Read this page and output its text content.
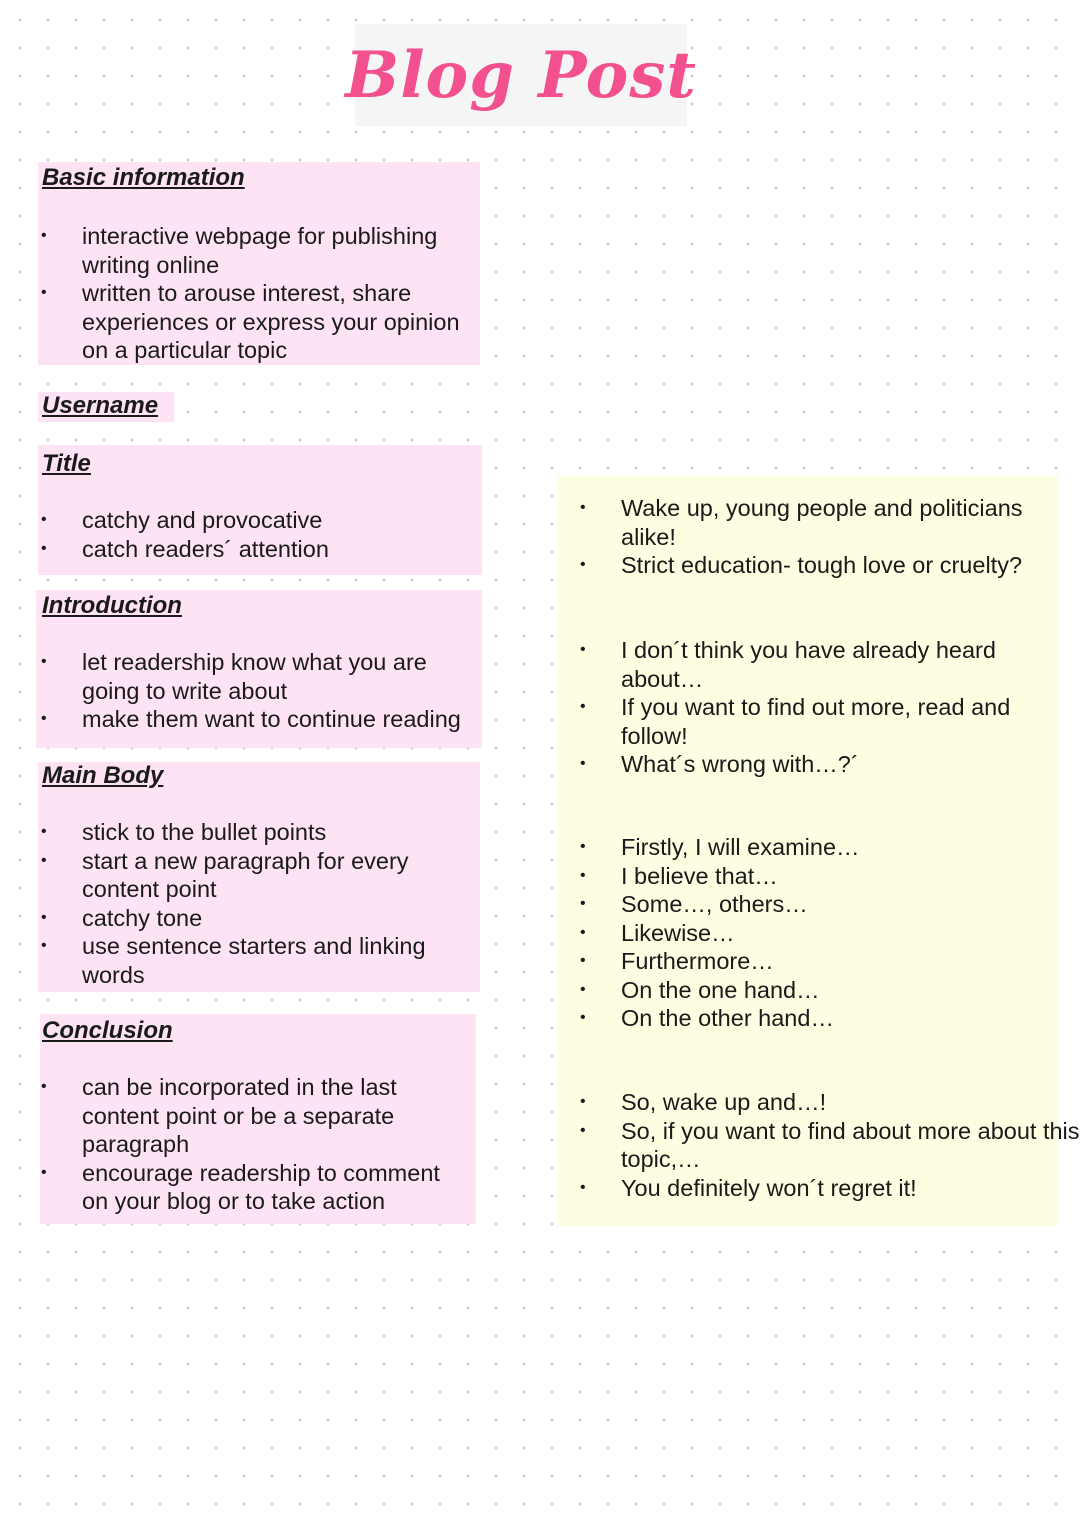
Blog Post
Basic information
• interactive webpage for publishing writing online
• written to arouse interest, share experiences or express your opinion on a particular topic
Username
Title
• catchy and provocative
• catch readers´ attention
Introduction
• let readership know what you are going to write about
• make them want to continue reading
Main Body
• stick to the bullet points
• start a new paragraph for every content point
• catchy tone
• use sentence starters and linking words
Conclusion
• can be incorporated in the last content point or be a separate paragraph
• encourage readership to comment on your blog or to take action
• Wake up, young people and politicians alike!
• Strict education- tough love or cruelty?
• I don´t think you have already heard about…
• If you want to find out more, read and follow!
• What´s wrong with…?´
• Firstly, I will examine…
• I believe that…
• Some…, others…
• Likewise…
• Furthermore…
• On the one hand…
• On the other hand…
• So, wake up and…!
• So, if you want to find about more about this topic,…
• You definitely won´t regret it!
